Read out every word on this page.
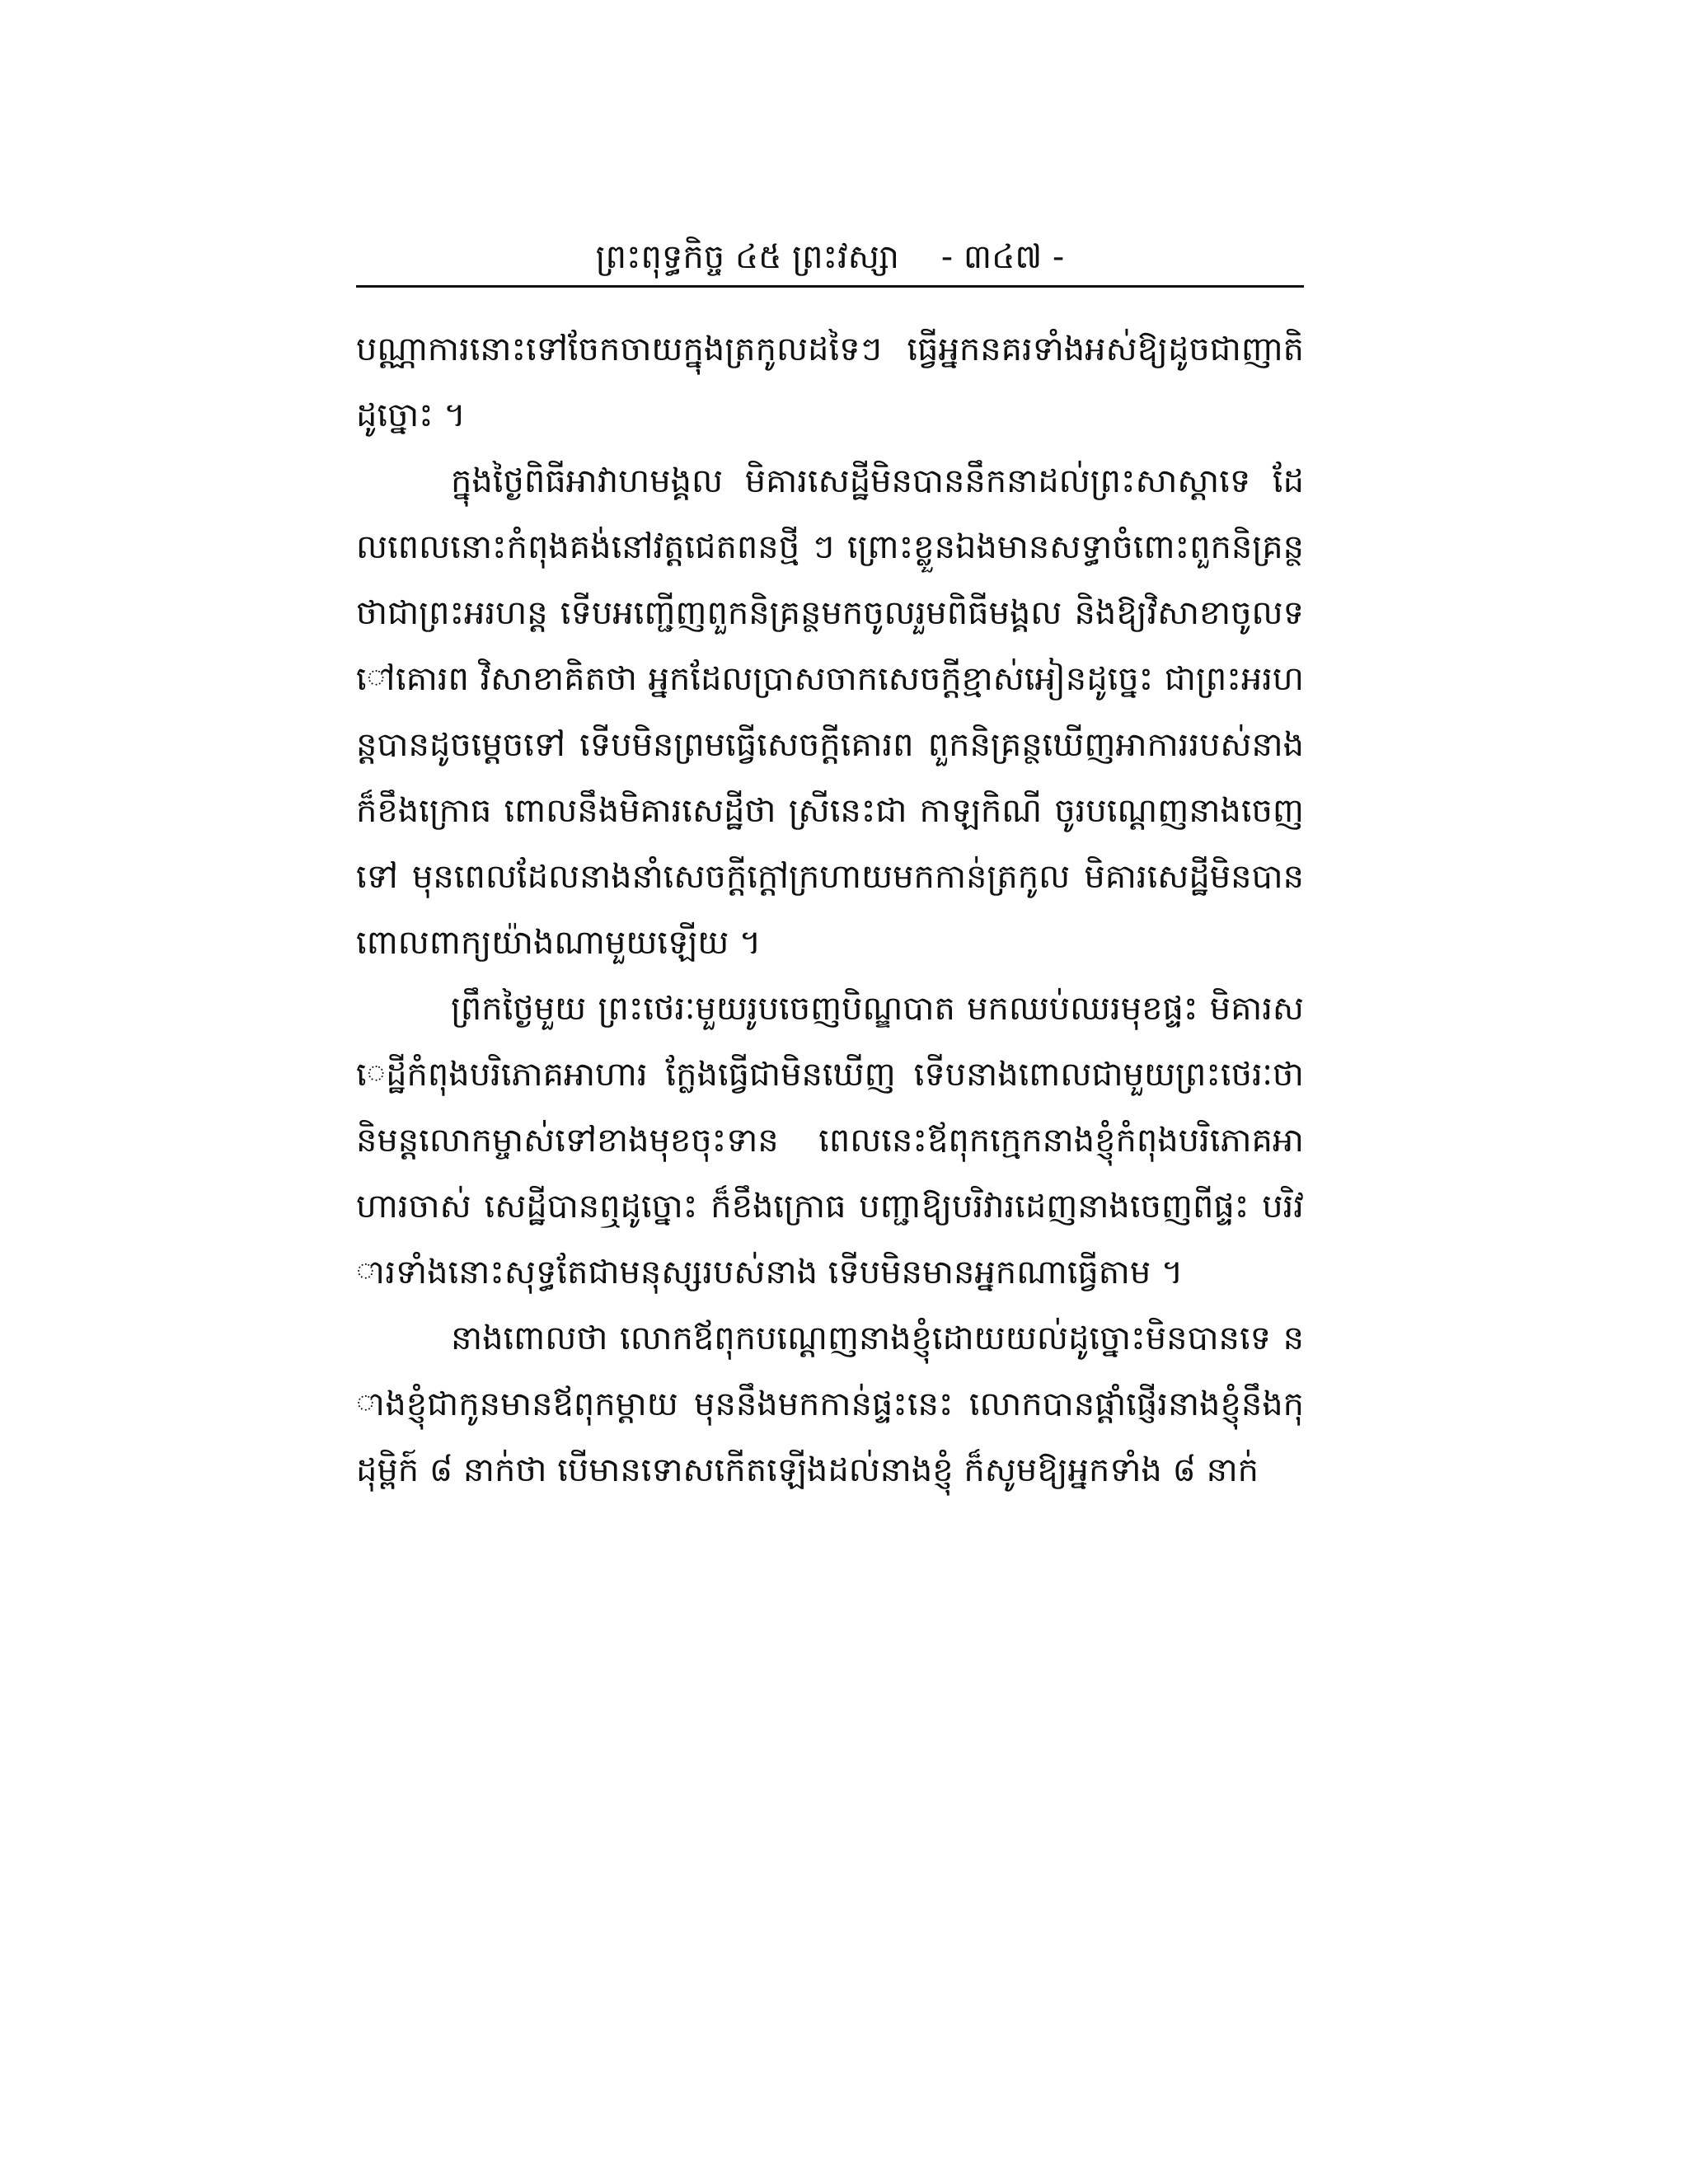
ព្រះពុទ្ធកិច្ច ៤៥ ព្រះវស្សា - ៣៤៧ -

បណ្ណាការនោះទៅចែកចាយក្នុងត្រកូលដទៃៗ ធ្វើអ្នកនគរទាំងអស់ឱ្យដូចជាញាតិដូច្នោះ ។

ក្នុងថ្ងៃពិធីអាវាហមង្គល មិគារសេដ្ឋីមិនបាននឹកនាដល់ព្រះសាស្ដាទេ ដែលពេលនោះកំពុងគង់នៅវត្តជេតពនថ្មី ៗ ព្រោះខ្លួនឯងមានសទ្ធាចំពោះពួកនិគ្រន្ថថាជាព្រះអរហន្ត ទើបអញ្ជើញពួកនិគ្រន្ថមកចូលរួមពិធីមង្គល និងឱ្យវិសាខាចូលទៅគោរព វិសាខាគិតថា អ្នកដែលប្រាសចាកសេចក្ដីខ្មាស់អៀនដូច្នេះ ជាព្រះអរហន្តបានដូចម្ដេចទៅ ទើបមិនព្រមធ្វើសេចក្ដីគោរព ពួកនិគ្រន្ថឃើញអាការរបស់នាងក៏ខឹងក្រោធ ពោលនឹងមិគារសេដ្ឋីថា ស្រីនេះជា កាឡកិណី ចូរបណ្ដេញនាងចេញទៅ មុនពេលដែលនាងនាំសេចក្ដីក្ដៅក្រហាយមកកាន់ត្រកូល មិគារសេដ្ឋីមិនបានពោលពាក្យយ៉ាងណាមួយឡើយ ។

ព្រឹកថ្ងៃមួយ ព្រះថេរៈមួយរូបចេញបិណ្ឌបាត មកឈប់ឈរមុខផ្ទះ មិគារសេដ្ឋីកំពុងបរិភោគអាហារ ក្លែងធ្វើជាមិនឃើញ ទើបនាងពោលជាមួយព្រះថេរៈថា និមន្តលោកម្ចាស់ទៅខាងមុខចុះទាន ពេលនេះឪពុកក្មេកនាងខ្ញុំកំពុងបរិភោគអាហារចាស់ សេដ្ឋីបានឮដូច្នោះ ក៏ខឹងក្រោធ បញ្ជាឱ្យបរិវារដេញនាងចេញពីផ្ទះ បរិវារទាំងនោះសុទ្ធតែជាមនុស្សរបស់នាង ទើបមិនមានអ្នកណាធ្វើតាម ។

នាងពោលថា លោកឪពុកបណ្ដេញនាងខ្ញុំដោយយល់ដូច្នោះមិនបានទេ នាងខ្ញុំជាកូនមានឪពុកម្ដាយ មុននឹងមកកាន់ផ្ទះនេះ លោកបានផ្ដាំផ្ញើរនាងខ្ញុំនឹងកុដុម្ពិក៍ ៨ នាក់ថា បើមានទោសកើតឡើងដល់នាងខ្ញុំ ក៏សូមឱ្យអ្នកទាំង ៨ នាក់
